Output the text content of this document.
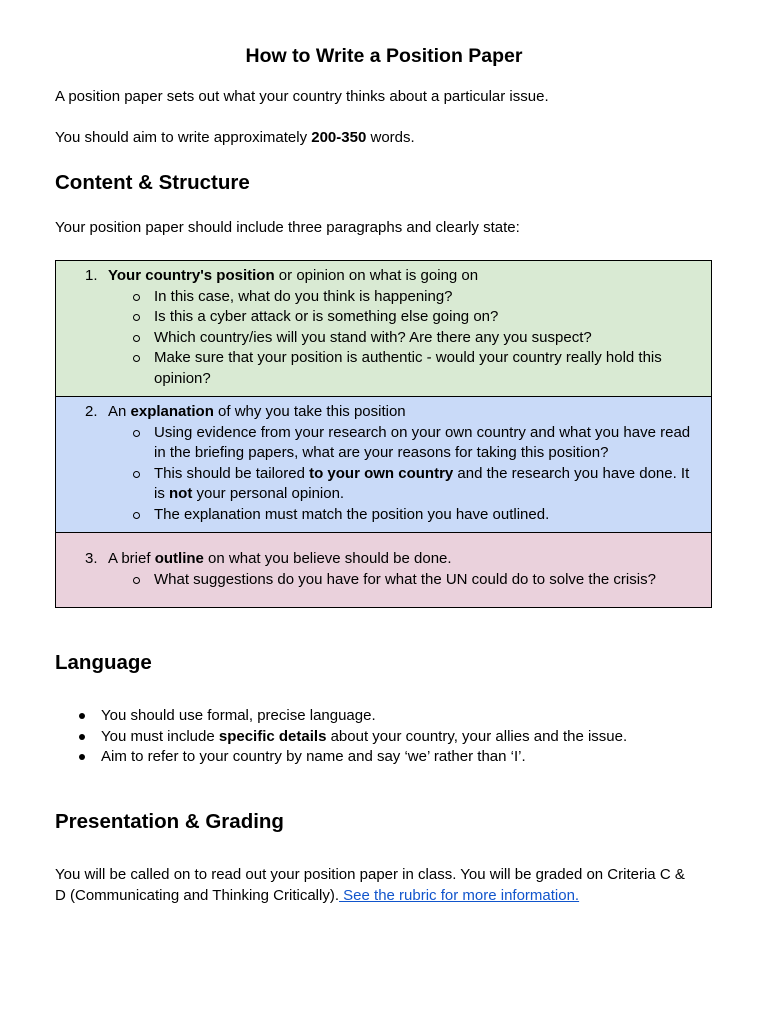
How to Write a Position Paper

A position paper sets out what your country thinks about a particular issue.

You should aim to write approximately 200-350 words.

Content & Structure

Your position paper should include three paragraphs and clearly state:

1. Your country's position or opinion on what is going on
In this case, what do you think is happening?
Is this a cyber attack or is something else going on?
Which country/ies will you stand with? Are there any you suspect?
Make sure that your position is authentic - would your country really hold this opinion?
2. An explanation of why you take this position
Using evidence from your research on your own country and what you have read in the briefing papers, what are your reasons for taking this position?
This should be tailored to your own country and the research you have done. It is not your personal opinion.
The explanation must match the position you have outlined.
3. A brief outline on what you believe should be done.
What suggestions do you have for what the UN could do to solve the crisis?
Language
You should use formal, precise language.
You must include specific details about your country, your allies and the issue.
Aim to refer to your country by name and say ‘we’ rather than ‘I’.
Presentation & Grading

You will be called on to read out your position paper in class. You will be graded on Criteria C & D (Communicating and Thinking Critically). See the rubric for more information.
